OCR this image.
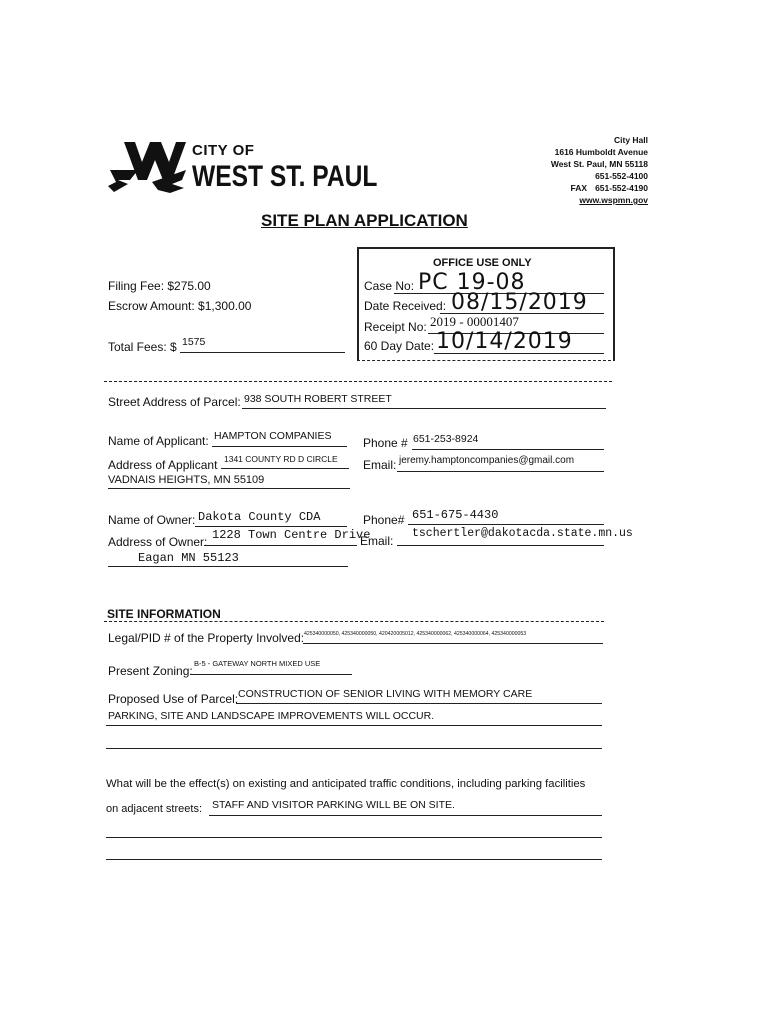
CITY OF
WEST ST. PAUL
City Hall
1616 Humboldt Avenue
West St. Paul, MN 55118
651-552-4100
FAX 651-552-4190
www.wspmn.gov
SITE PLAN APPLICATION
OFFICE USE ONLY
Case No: PC 19-08
Date Received: 08/15/2019
Receipt No: 2019 - 00001407
60 Day Date: 10/14/2019
Filing Fee: $275.00
Escrow Amount: $1,300.00
Total Fees: $ 1575
Street Address of Parcel: 938 SOUTH ROBERT STREET
Name of Applicant: HAMPTON COMPANIES	Phone # 651-253-8924
Address of Applicant 1341 COUNTY RD D CIRCLE
VADNAIS HEIGHTS, MN 55109
Email: jeremy.hamptoncompanies@gmail.com
Name of Owner: Dakota County CDA	Phone# 651-675-4430
Address of Owner: 1228 Town Centre Drive
Email:
tschertler@dakotacda.state.mn.us
Eagan MN 55123
SITE INFORMATION
Legal/PID # of the Property Involved: 425340000050, 425340000050, 420420005012, 425340000062, 425340000064, 425340000053
Present Zoning:
B-5 - GATEWAY NORTH MIXED USE
Proposed Use of Parcel: CONSTRUCTION OF SENIOR LIVING WITH MEMORY CARE
PARKING, SITE AND LANDSCAPE IMPROVEMENTS WILL OCCUR.
What will be the effect(s) on existing and anticipated traffic conditions, including parking facilities
on adjacent streets: STAFF AND VISITOR PARKING WILL BE ON SITE.
